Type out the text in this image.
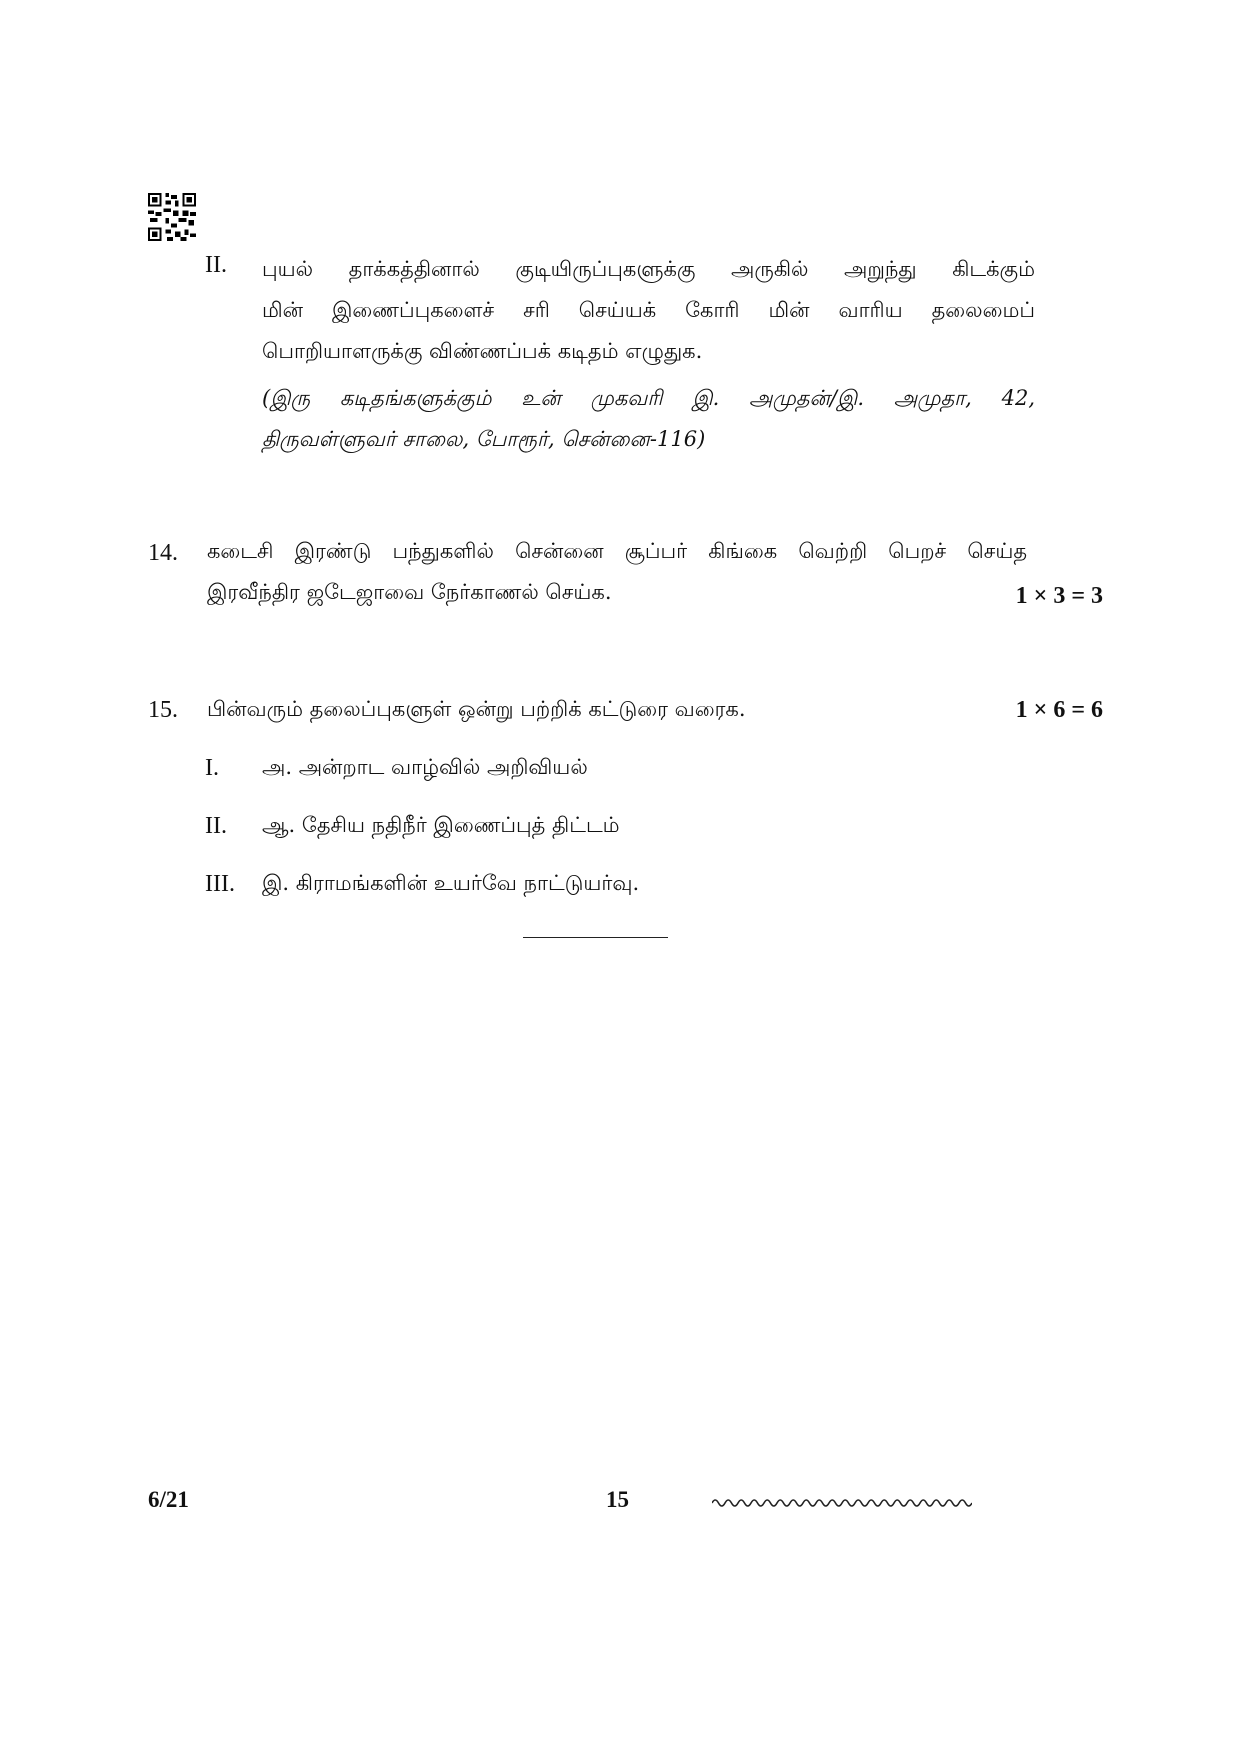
II. புயல் தாக்கத்தினால் குடியிருப்புகளுக்கு அருகில் அறுந்து கிடக்கும்
மின் இணைப்புகளைச் சரி செய்யக் கோரி மின் வாரிய தலைமைப்
பொறியாளருக்கு விண்ணப்பக் கடிதம் எழுதுக.
(இரு கடிதங்களுக்கும் உன் முகவரி இ. அமுதன்/இ. அமுதா, 42,
திருவள்ளுவர் சாலை, போரூர், சென்னை-116)
14. கடைசி இரண்டு பந்துகளில் சென்னை சூப்பர் கிங்கை வெற்றி பெறச் செய்த
இரவீந்திர ஜடேஜாவை நேர்காணல் செய்க.	1 × 3 = 3
15. பின்வரும் தலைப்புகளுள் ஒன்று பற்றிக் கட்டுரை வரைக.	1 × 6 = 6
I. அ. அன்றாட வாழ்வில் அறிவியல்
II. ஆ. தேசிய நதிநீர் இணைப்புத் திட்டம்
III. இ. கிராமங்களின் உயர்வே நாட்டுயர்வு.
6/21	15
